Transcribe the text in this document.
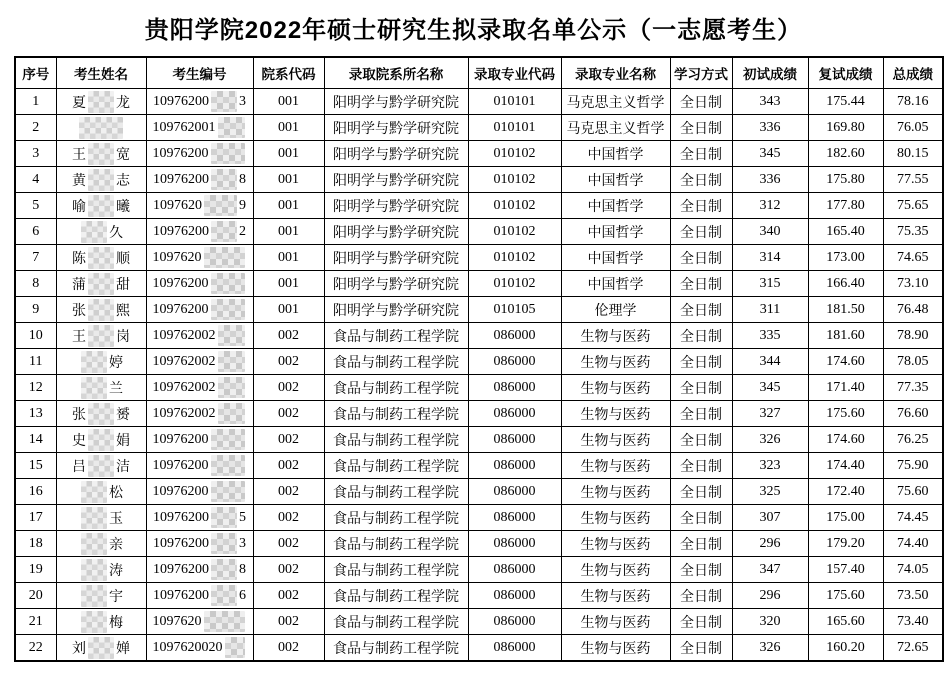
贵阳学院2022年硕士研究生拟录取名单公示（一志愿考生）
序号	考生姓名	考生编号	院系代码	录取院系所名称	录取专业代码	录取专业名称	学习方式	初试成绩	复试成绩	总成绩
1	夏 龙	10976200 3	001	阳明学与黔学研究院	010101	马克思主义哲学	全日制	343	175.44	78.16
2		109762001	001	阳明学与黔学研究院	010101	马克思主义哲学	全日制	336	169.80	76.05
3	王 宽	10976200	001	阳明学与黔学研究院	010102	中国哲学	全日制	345	182.60	80.15
4	黄 志	10976200 8	001	阳明学与黔学研究院	010102	中国哲学	全日制	336	175.80	77.55
5	喻 曦	1097620 9	001	阳明学与黔学研究院	010102	中国哲学	全日制	312	177.80	75.65
6	久	10976200 2	001	阳明学与黔学研究院	010102	中国哲学	全日制	340	165.40	75.35
7	陈 顺	1097620	001	阳明学与黔学研究院	010102	中国哲学	全日制	314	173.00	74.65
8	蒲 甜	10976200	001	阳明学与黔学研究院	010102	中国哲学	全日制	315	166.40	73.10
9	张 熙	10976200	001	阳明学与黔学研究院	010105	伦理学	全日制	311	181.50	76.48
10	王 岗	109762002	002	食品与制药工程学院	086000	生物与医药	全日制	335	181.60	78.90
11	婷	109762002	002	食品与制药工程学院	086000	生物与医药	全日制	344	174.60	78.05
12	兰	109762002	002	食品与制药工程学院	086000	生物与医药	全日制	345	171.40	77.35
13	张 赟	109762002	002	食品与制药工程学院	086000	生物与医药	全日制	327	175.60	76.60
14	史 娟	10976200	002	食品与制药工程学院	086000	生物与医药	全日制	326	174.60	76.25
15	吕 洁	10976200	002	食品与制药工程学院	086000	生物与医药	全日制	323	174.40	75.90
16	松	10976200	002	食品与制药工程学院	086000	生物与医药	全日制	325	172.40	75.60
17	玉	10976200 5	002	食品与制药工程学院	086000	生物与医药	全日制	307	175.00	74.45
18	亲	10976200 3	002	食品与制药工程学院	086000	生物与医药	全日制	296	179.20	74.40
19	涛	10976200 8	002	食品与制药工程学院	086000	生物与医药	全日制	347	157.40	74.05
20	宇	10976200 6	002	食品与制药工程学院	086000	生物与医药	全日制	296	175.60	73.50
21	梅	1097620	002	食品与制药工程学院	086000	生物与医药	全日制	320	165.60	73.40
22	刘 婵	1097620020	002	食品与制药工程学院	086000	生物与医药	全日制	326	160.20	72.65
